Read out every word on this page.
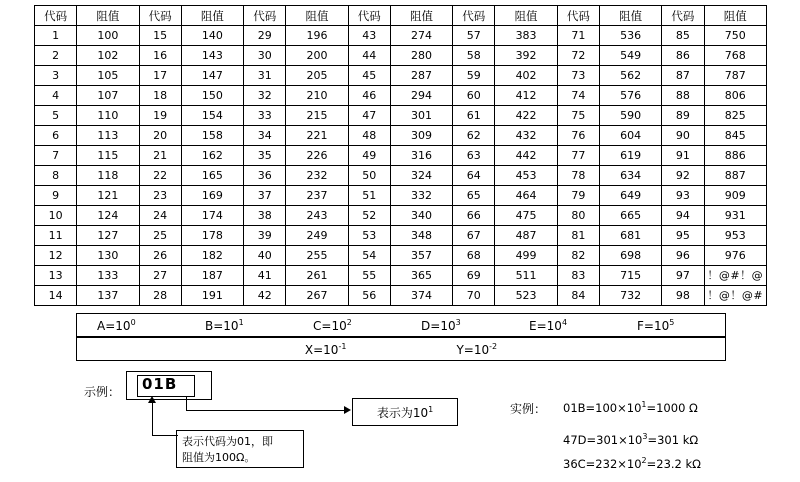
代码	阻值	代码	阻值	代码	阻值	代码	阻值	代码	阻值	代码	阻值	代码	阻值
1	100	15	140	29	196	43	274	57	383	71	536	85	750
2	102	16	143	30	200	44	280	58	392	72	549	86	768
3	105	17	147	31	205	45	287	59	402	73	562	87	787
4	107	18	150	32	210	46	294	60	412	74	576	88	806
5	110	19	154	33	215	47	301	61	422	75	590	89	825
6	113	20	158	34	221	48	309	62	432	76	604	90	845
7	115	21	162	35	226	49	316	63	442	77	619	91	886
8	118	22	165	36	232	50	324	64	453	78	634	92	887
9	121	23	169	37	237	51	332	65	464	79	649	93	909
10	124	24	174	38	243	52	340	66	475	80	665	94	931
11	127	25	178	39	249	53	348	67	487	81	681	95	953
12	130	26	182	40	255	54	357	68	499	82	698	96	976
13	133	27	187	41	261	55	365	69	511	83	715	97	！@#！@
14	137	28	191	42	267	56	374	70	523	84	732	98	！@！@#
$A=10^0$	$B=10^1$	$C=10^2$	$D=10^3$	$E=10^4$	$F=10^5$
$X=10^{-1}$	$Y=10^{-2}$
示例： 01B
表示为$10^1$
表示代码为01，即
阻值为100Ω。
实例： $01B=100\times 10^1=1000$ Ω
$47D=301\times 10^3=301$ kΩ
$36C=232\times 10^2=23.2$ kΩ
